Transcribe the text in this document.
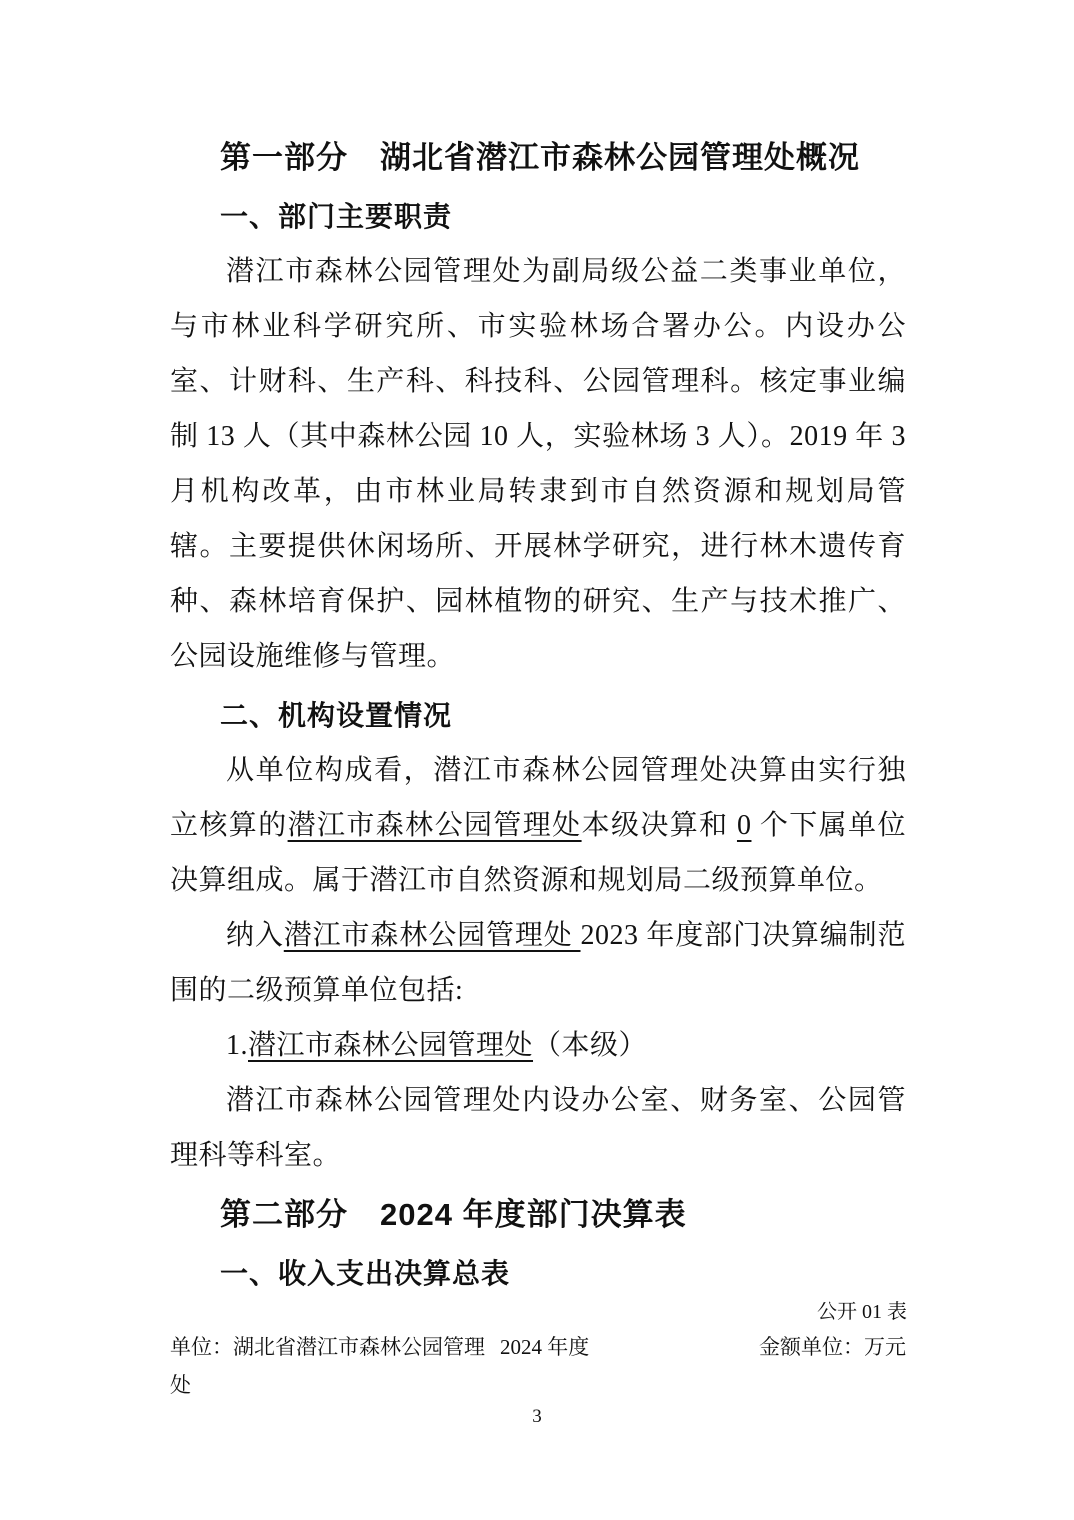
第一部分　湖北省潜江市森林公园管理处概况
一、部门主要职责

潜江市森林公园管理处为副局级公益二类事业单位，与市林业科学研究所、市实验林场合署办公。内设办公室、计财科、生产科、科技科、公园管理科。核定事业编制 13 人（其中森林公园 10 人，实验林场 3 人）。2019 年 3 月机构改革，由市林业局转隶到市自然资源和规划局管辖。主要提供休闲场所、开展林学研究，进行林木遗传育种、森林培育保护、园林植物的研究、生产与技术推广、公园设施维修与管理。

二、机构设置情况

从单位构成看，潜江市森林公园管理处决算由实行独立核算的潜江市森林公园管理处本级决算和 0 个下属单位决算组成。属于潜江市自然资源和规划局二级预算单位。

纳入潜江市森林公园管理处 2023 年度部门决算编制范围的二级预算单位包括:

1.潜江市森林公园管理处（本级）

潜江市森林公园管理处内设办公室、财务室、公园管理科等科室。

第二部分　2024 年度部门决算表
一、收入支出决算总表
公开 01 表
单位：湖北省潜江市森林公园管理处
2024 年度	金额单位：万元
3
